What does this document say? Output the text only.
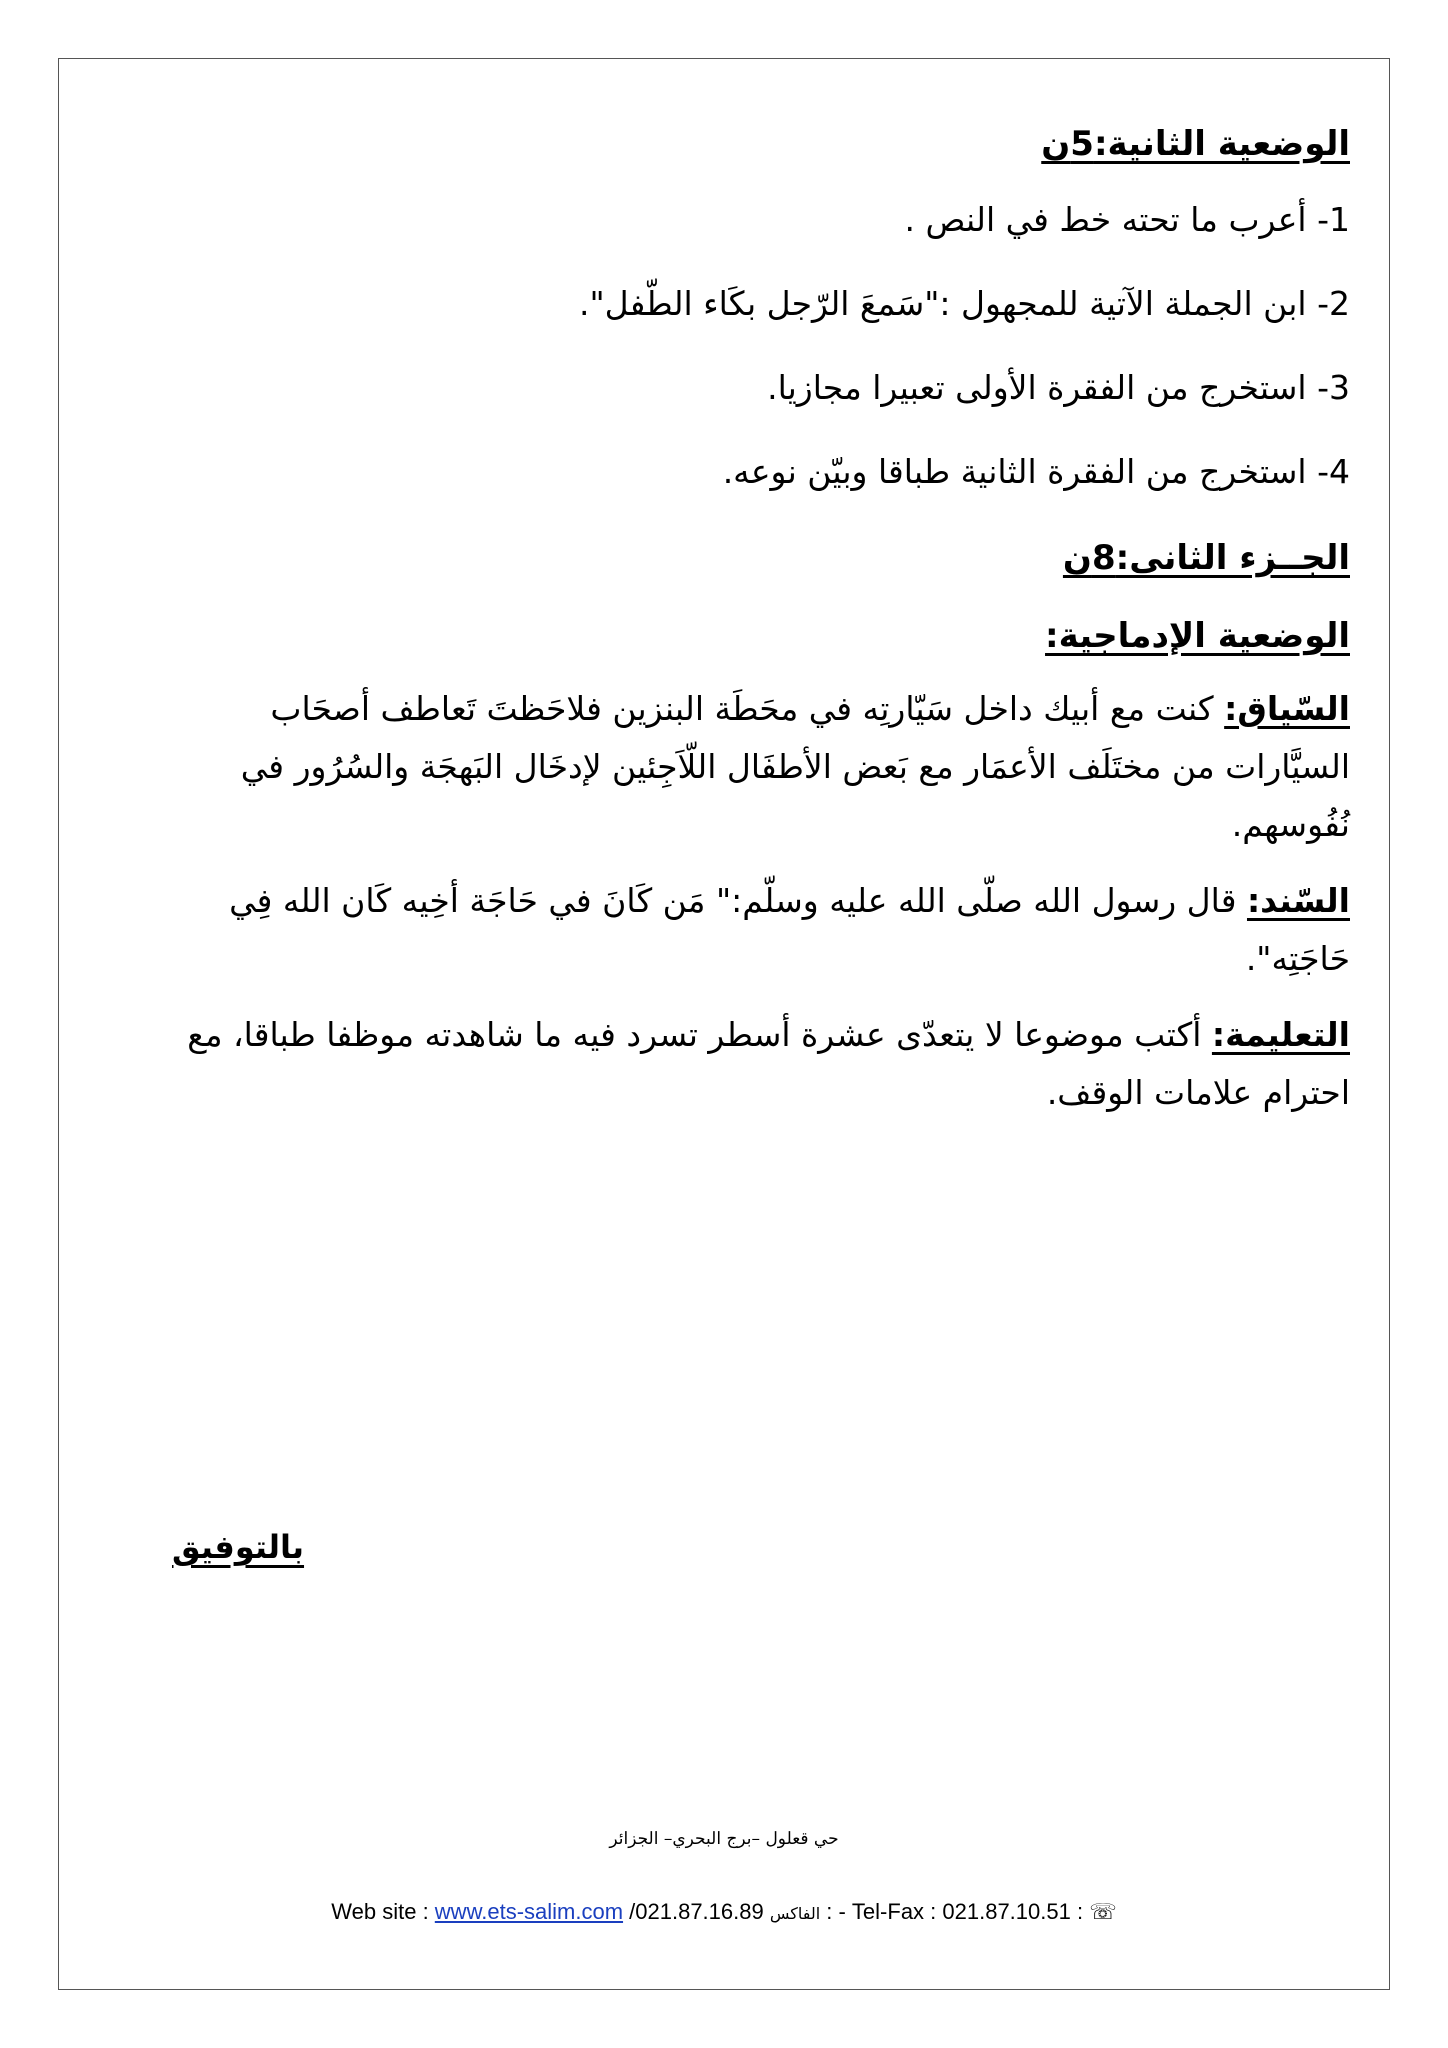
الوضعية الثانية:5ن

1- أعرب ما تحته خط في النص .

2- ابن الجملة الآتية للمجهول :"سَمعَ الرّجل بكَاء الطّفل".

3- استخرج من الفقرة الأولى تعبيرا مجازيا.

4- استخرج من الفقرة الثانية طباقا وبيّن نوعه.

الجــزء الثانى:8ن

الوضعية الإدماجية:

السّياق: كنت مع أبيك داخل سَيّارتِه في محَطَة البنزين فلاحَظتَ تَعاطف أصحَاب السيَّارات من مختَلَف الأعمَار مع بَعض الأطفَال اللّاَجِئين لإدخَال البَهجَة والسُرُور في نُفُوسهم.

السّند: قال رسول الله صلّى الله عليه وسلّم:" مَن كَانَ في حَاجَة أخِيه كَان الله فِي حَاجَتِه".

التعليمة: أكتب موضوعا لا يتعدّى عشرة أسطر تسرد فيه ما شاهدته موظفا طباقا، مع احترام علامات الوقف.

بالتوفيق
حي قعلول –برج البحري– الجزائر
Web site : www.ets-salim.com /021.87.16.89 الفاكس : - Tel-Fax : 021.87.10.51 : ☏
